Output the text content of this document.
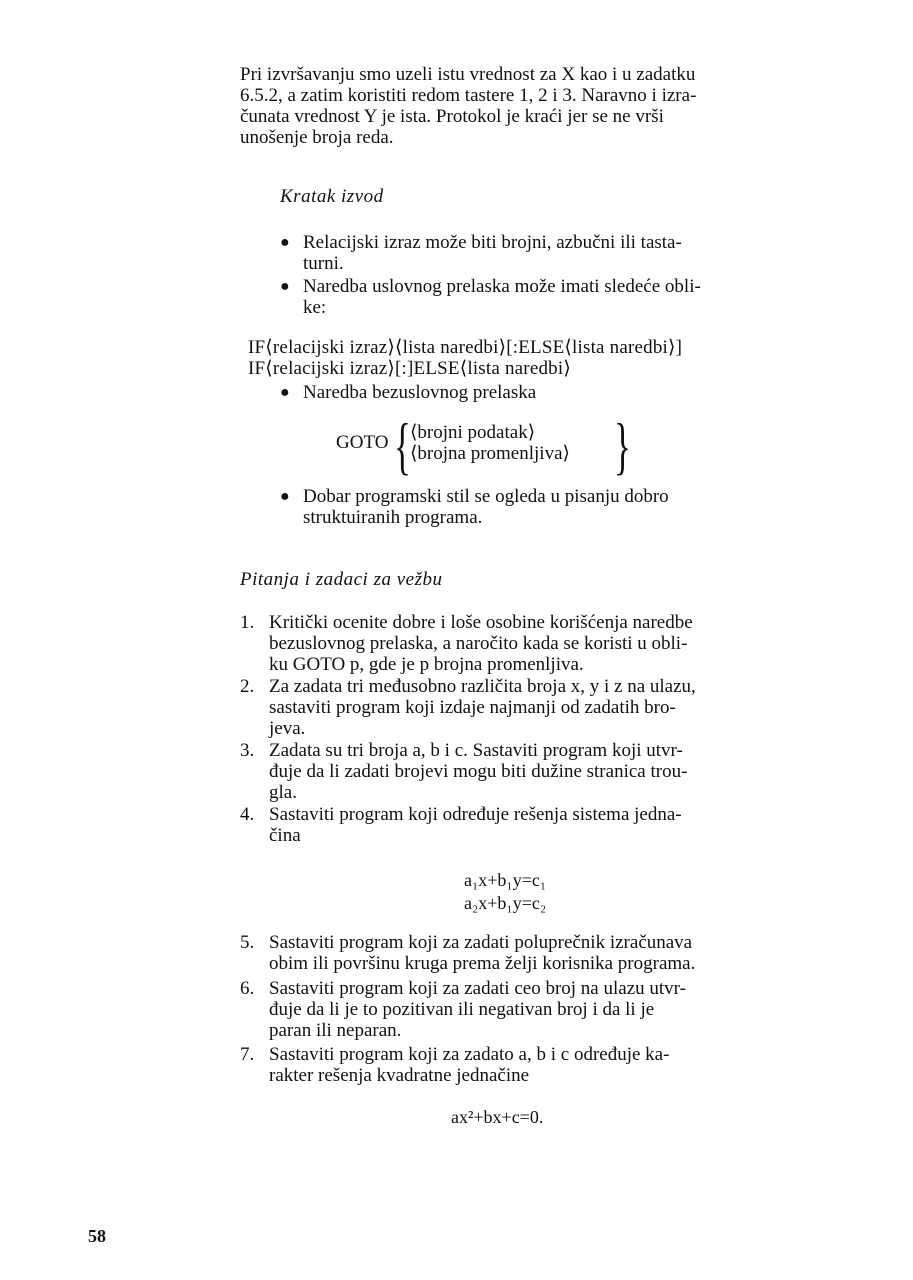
Pri izvršavanju smo uzeli istu vrednost za X kao i u zadatku
6.5.2, a zatim koristiti redom tastere 1, 2 i 3. Naravno i izra-
čunata vrednost Y je ista. Protokol je kraći jer se ne vrši
unošenje broja reda.
Kratak izvod
● Relacijski izraz može biti brojni, azbučni ili tasta-
turni.
● Naredba uslovnog prelaska može imati sledeće obli-
ke:
IF⟨relacijski izraz⟩⟨lista naredbi⟩[:ELSE⟨lista naredbi⟩]
IF⟨relacijski izraz⟩[:]ELSE⟨lista naredbi⟩
● Naredba bezuslovnog prelaska
GOTO { ⟨brojni podatak⟩
⟨brojna promenljiva⟩ }
● Dobar programski stil se ogleda u pisanju dobro
struktuiranih programa.
Pitanja i zadaci za vežbu
1. Kritički ocenite dobre i loše osobine korišćenja naredbe
bezuslovnog prelaska, a naročito kada se koristi u obli-
ku GOTO p, gde je p brojna promenljiva.
2. Za zadata tri međusobno različita broja x, y i z na ulazu,
sastaviti program koji izdaje najmanji od zadatih bro-
jeva.
3. Zadata su tri broja a, b i c. Sastaviti program koji utvr-
đuje da li zadati brojevi mogu biti dužine stranica trou-
gla.
4. Sastaviti program koji određuje rešenja sistema jedna-
čina
5. Sastaviti program koji za zadati poluprečnik izračunava
obim ili površinu kruga prema želji korisnika programa.
6. Sastaviti program koji za zadati ceo broj na ulazu utvr-
đuje da li je to pozitivan ili negativan broj i da li je
paran ili neparan.
7. Sastaviti program koji za zadato a, b i c određuje ka-
rakter rešenja kvadratne jednačine
a₁x+b₁y=c₁
a₂x+b₁y=c₂
ax²+bx+c=0.
58
